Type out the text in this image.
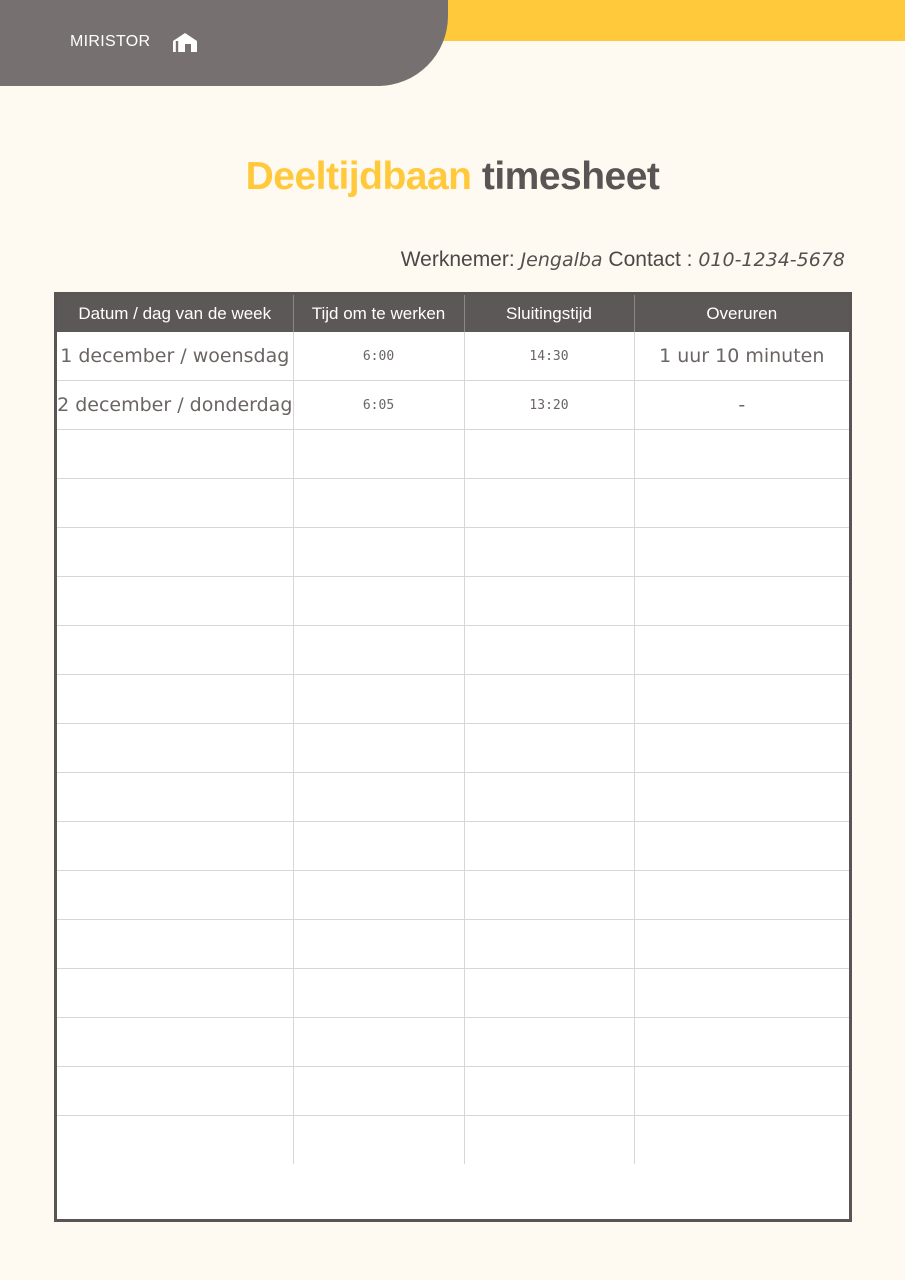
MIRISTOR
Deeltijdbaan timesheet
Werknemer: Jengalba Contact : 010-1234-5678
Datum / dag van de week	Tijd om te werken	Sluitingstijd	Overuren
1 december / woensdag	6:00	14:30	1 uur 10 minuten
2 december / donderdag	6:05	13:20	-
